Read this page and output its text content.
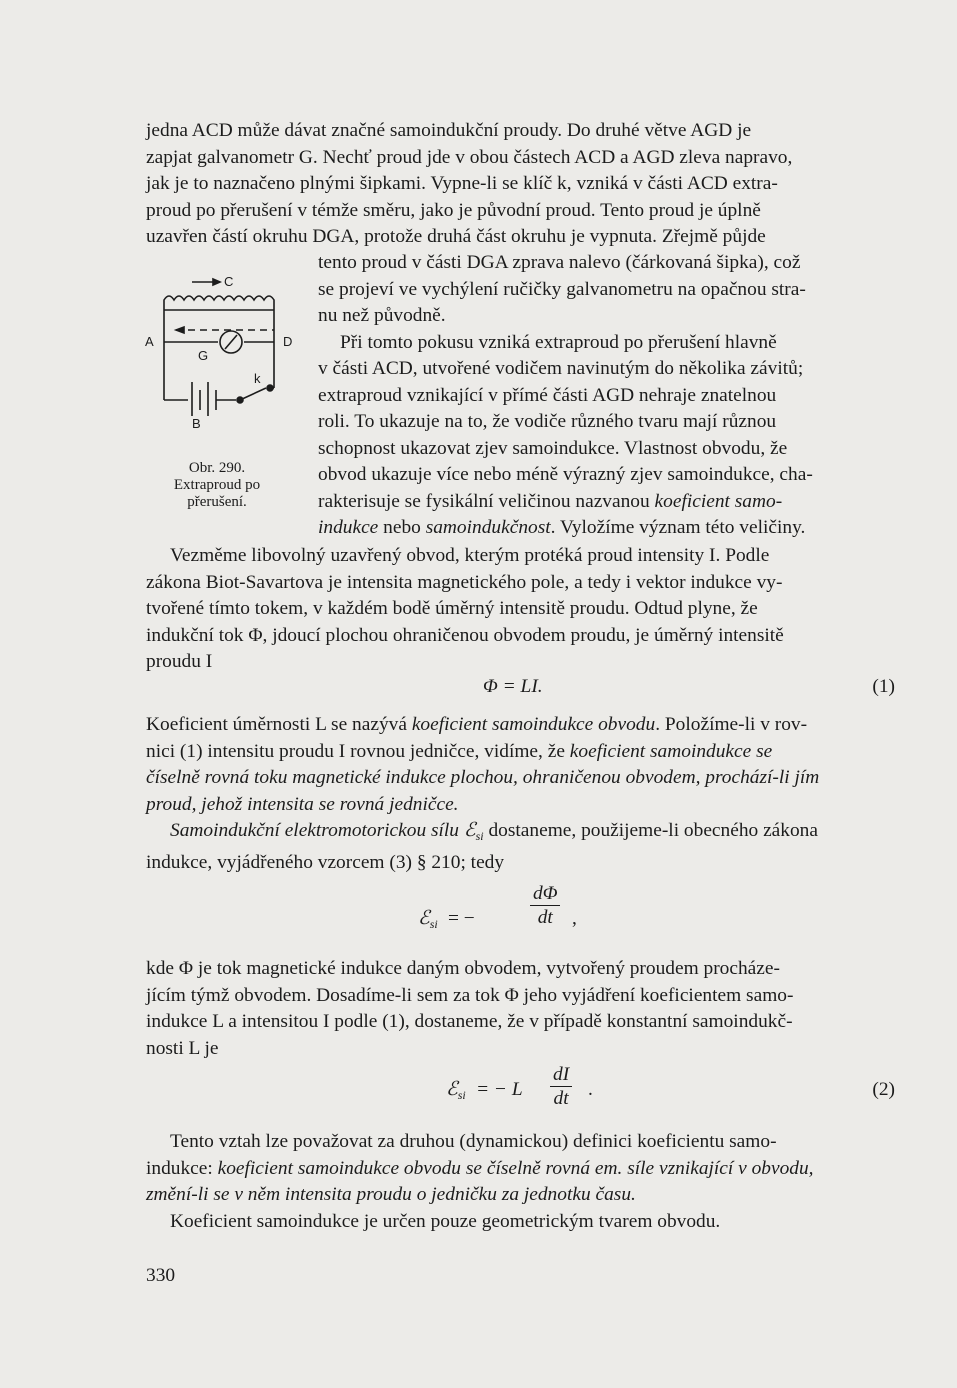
jedna ACD může dávat značné samoindukční proudy. Do druhé větve AGD je
zapjat galvanometr G. Nechť proud jde v obou částech ACD a AGD zleva napravo,
jak je to naznačeno plnými šipkami. Vypne-li se klíč k, vzniká v části ACD extra-
proud po přerušení v témže směru, jako je původní proud. Tento proud je úplně
uzavřen částí okruhu DGA, protože druhá část okruhu je vypnuta. Zřejmě půjde
C
A	D
G
k
B
Obr. 290.
Extraproud po
přerušení.
tento proud v části DGA zprava nalevo (čárkovaná šipka), což
se projeví ve vychýlení ručičky galvanometru na opačnou stra-
nu než původně.
Při tomto pokusu vzniká extraproud po přerušení hlavně
v části ACD, utvořené vodičem navinutým do několika závitů;
extraproud vznikající v přímé části AGD nehraje znatelnou
roli. To ukazuje na to, že vodiče různého tvaru mají různou
schopnost ukazovat zjev samoindukce. Vlastnost obvodu, že
obvod ukazuje více nebo méně výrazný zjev samoindukce, cha-
rakterisuje se fysikální veličinou nazvanou koeficient samo-
indukce nebo samoindukčnost. Vyložíme význam této veličiny.
Vezměme libovolný uzavřený obvod, kterým protéká proud intensity I. Podle
zákona Biot-Savartova je intensita magnetického pole, a tedy i vektor indukce vy-
tvořené tímto tokem, v každém bodě úměrný intensitě proudu. Odtud plyne, že
indukční tok Φ, jdoucí plochou ohraničenou obvodem proudu, je úměrný intensitě
proudu I
Φ = LI.	(1)
Koeficient úměrnosti L se nazývá koeficient samoindukce obvodu. Položíme-li v rov-
nici (1) intensitu proudu I rovnou jedničce, vidíme, že koeficient samoindukce se
číselně rovná toku magnetické indukce plochou, ohraničenou obvodem, prochází-li jím
proud, jehož intensita se rovná jedničce.
Samoindukční elektromotorickou sílu ℰ$_{si}$ dostaneme, použijeme-li obecného zákona
indukce, vyjádřeného vzorcem (3) § 210; tedy
ℰ$_{si}$ = −	$\frac{d\Phi}{dt}$ ,
kde Φ je tok magnetické indukce daným obvodem, vytvořený proudem procháze-
jícím týmž obvodem. Dosadíme-li sem za tok Φ jeho vyjádření koeficientem samo-
indukce L a intensitou I podle (1), dostaneme, že v případě konstantní samoindukč-
nosti L je
ℰ$_{si}$ = − L $\frac{dI}{dt}$ .	(2)
Tento vztah lze považovat za druhou (dynamickou) definici koeficientu samo-
indukce: koeficient samoindukce obvodu se číselně rovná em. síle vznikající v obvodu,
změní-li se v něm intensita proudu o jedničku za jednotku času.
Koeficient samoindukce je určen pouze geometrickým tvarem obvodu.
330
